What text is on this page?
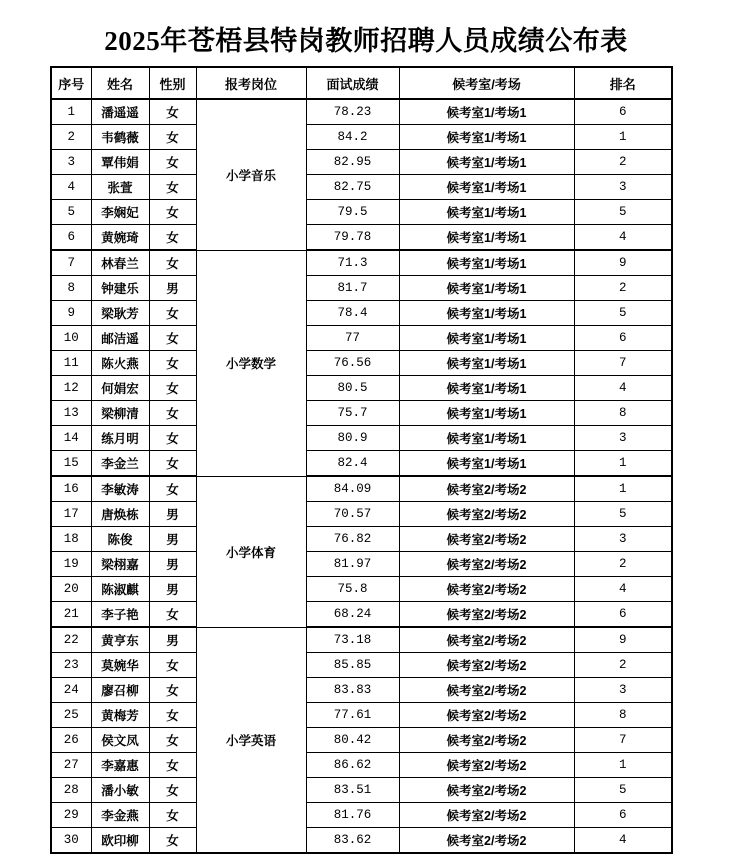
2025年苍梧县特岗教师招聘人员成绩公布表
序号	姓名	性别	报考岗位	面试成绩	候考室/考场	排名
1	潘遥遥	女	小学音乐	78.23	候考室1/考场1	6
2	韦鹤薇	女		84.2	候考室1/考场1	1
3	覃伟娟	女		82.95	候考室1/考场1	2
4	张萱	女		82.75	候考室1/考场1	3
5	李娴妃	女		79.5	候考室1/考场1	5
6	黄婉琦	女		79.78	候考室1/考场1	4
7	林春兰	女	小学数学	71.3	候考室1/考场1	9
8	钟建乐	男		81.7	候考室1/考场1	2
9	梁耿芳	女		78.4	候考室1/考场1	5
10	邮洁遥	女		77	候考室1/考场1	6
11	陈火燕	女		76.56	候考室1/考场1	7
12	何娟宏	女		80.5	候考室1/考场1	4
13	梁柳清	女		75.7	候考室1/考场1	8
14	练月明	女		80.9	候考室1/考场1	3
15	李金兰	女		82.4	候考室1/考场1	1
16	李敏涛	女	小学体育	84.09	候考室2/考场2	1
17	唐焕栋	男		70.57	候考室2/考场2	5
18	陈俊	男		76.82	候考室2/考场2	3
19	梁栩嘉	男		81.97	候考室2/考场2	2
20	陈淑麒	男		75.8	候考室2/考场2	4
21	李子艳	女		68.24	候考室2/考场2	6
22	黄亨东	男	小学英语	73.18	候考室2/考场2	9
23	莫婉华	女		85.85	候考室2/考场2	2
24	廖召柳	女		83.83	候考室2/考场2	3
25	黄梅芳	女		77.61	候考室2/考场2	8
26	侯文凤	女		80.42	候考室2/考场2	7
27	李嘉惠	女		86.62	候考室2/考场2	1
28	潘小敏	女		83.51	候考室2/考场2	5
29	李金燕	女		81.76	候考室2/考场2	6
30	欧印柳	女		83.62	候考室2/考场2	4
